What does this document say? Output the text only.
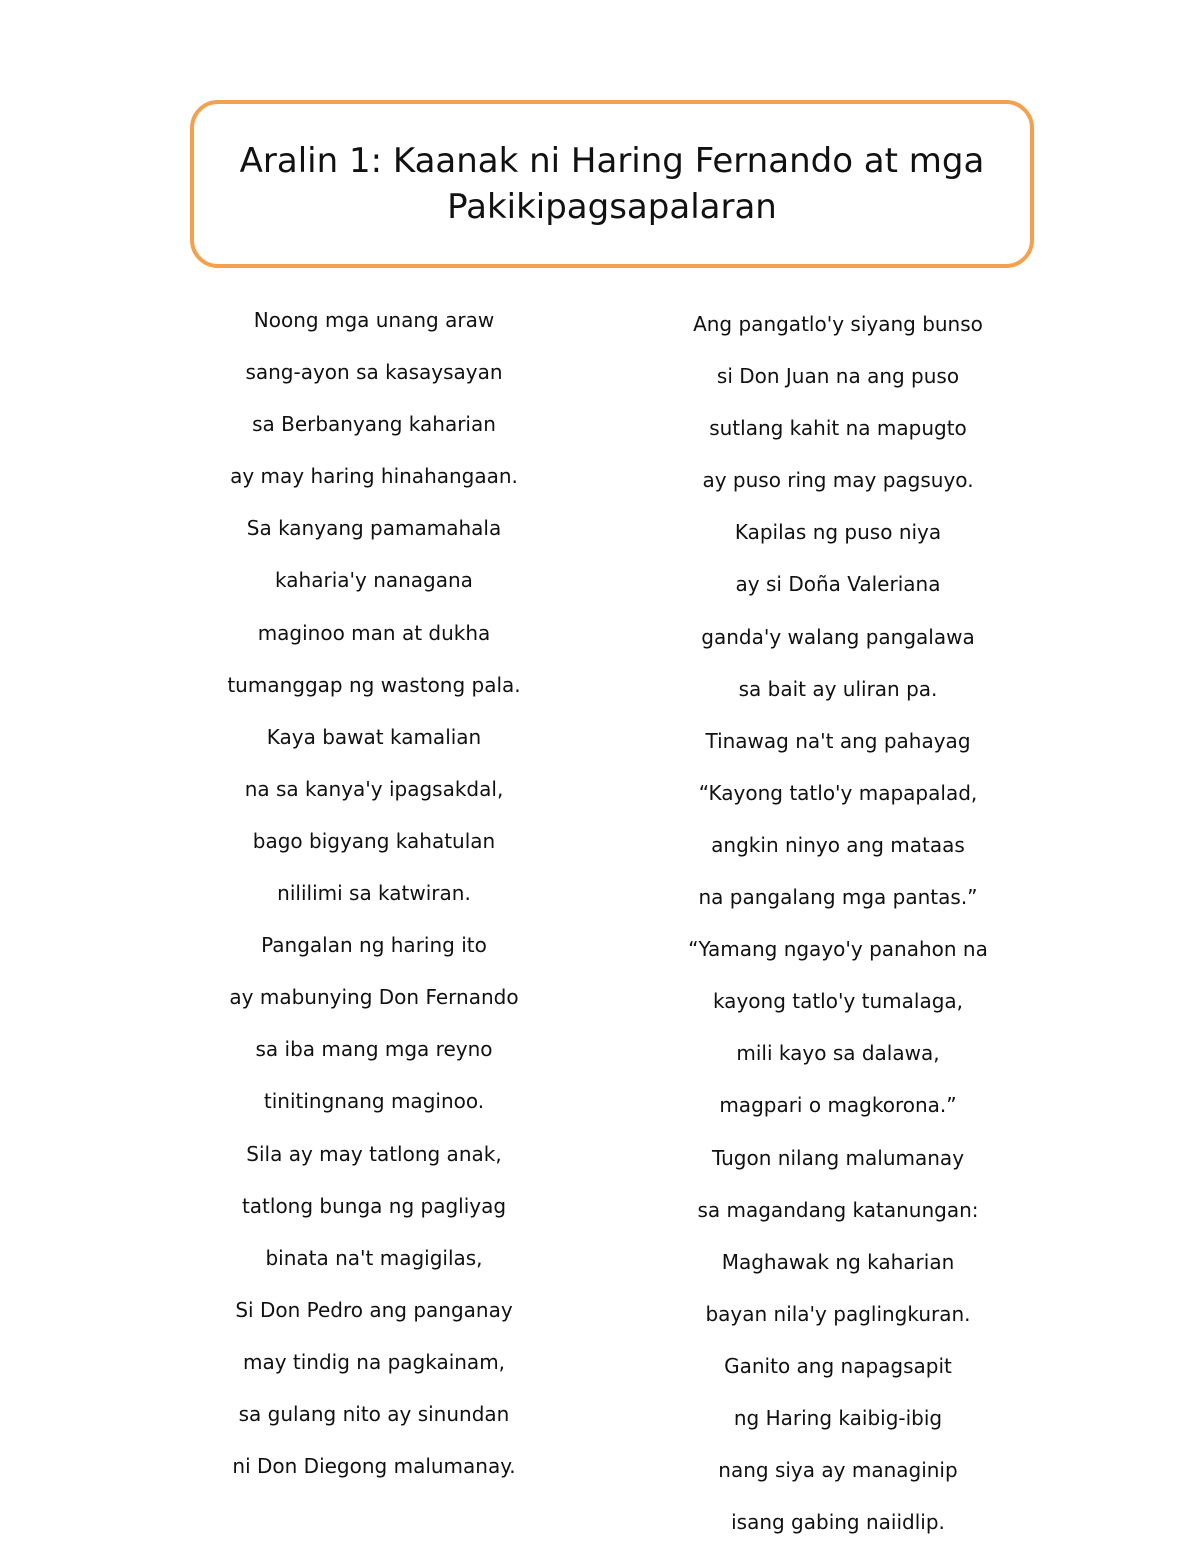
Aralin 1: Kaanak ni Haring Fernando at mga
Pakikipagsapalaran
Noong mga unang araw
sang-ayon sa kasaysayan
sa Berbanyang kaharian
ay may haring hinahangaan.
Sa kanyang pamamahala
kaharia'y nanagana
maginoo man at dukha
tumanggap ng wastong pala.
Kaya bawat kamalian
na sa kanya'y ipagsakdal,
bago bigyang kahatulan
nililimi sa katwiran.
Pangalan ng haring ito
ay mabunying Don Fernando
sa iba mang mga reyno
tinitingnang maginoo.
Sila ay may tatlong anak,
tatlong bunga ng pagliyag
binata na't magigilas,
Si Don Pedro ang panganay
may tindig na pagkainam,
sa gulang nito ay sinundan
ni Don Diegong malumanay.
Ang pangatlo'y siyang bunso
si Don Juan na ang puso
sutlang kahit na mapugto
ay puso ring may pagsuyo.
Kapilas ng puso niya
ay si Doña Valeriana
ganda'y walang pangalawa
sa bait ay uliran pa.
Tinawag na't ang pahayag
“Kayong tatlo'y mapapalad,
angkin ninyo ang mataas
na pangalang mga pantas.”
“Yamang ngayo'y panahon na
kayong tatlo'y tumalaga,
mili kayo sa dalawa,
magpari o magkorona.”
Tugon nilang malumanay
sa magandang katanungan:
Maghawak ng kaharian
bayan nila'y paglingkuran.
Ganito ang napagsapit
ng Haring kaibig-ibig
nang siya ay managinip
isang gabing naiidlip.
